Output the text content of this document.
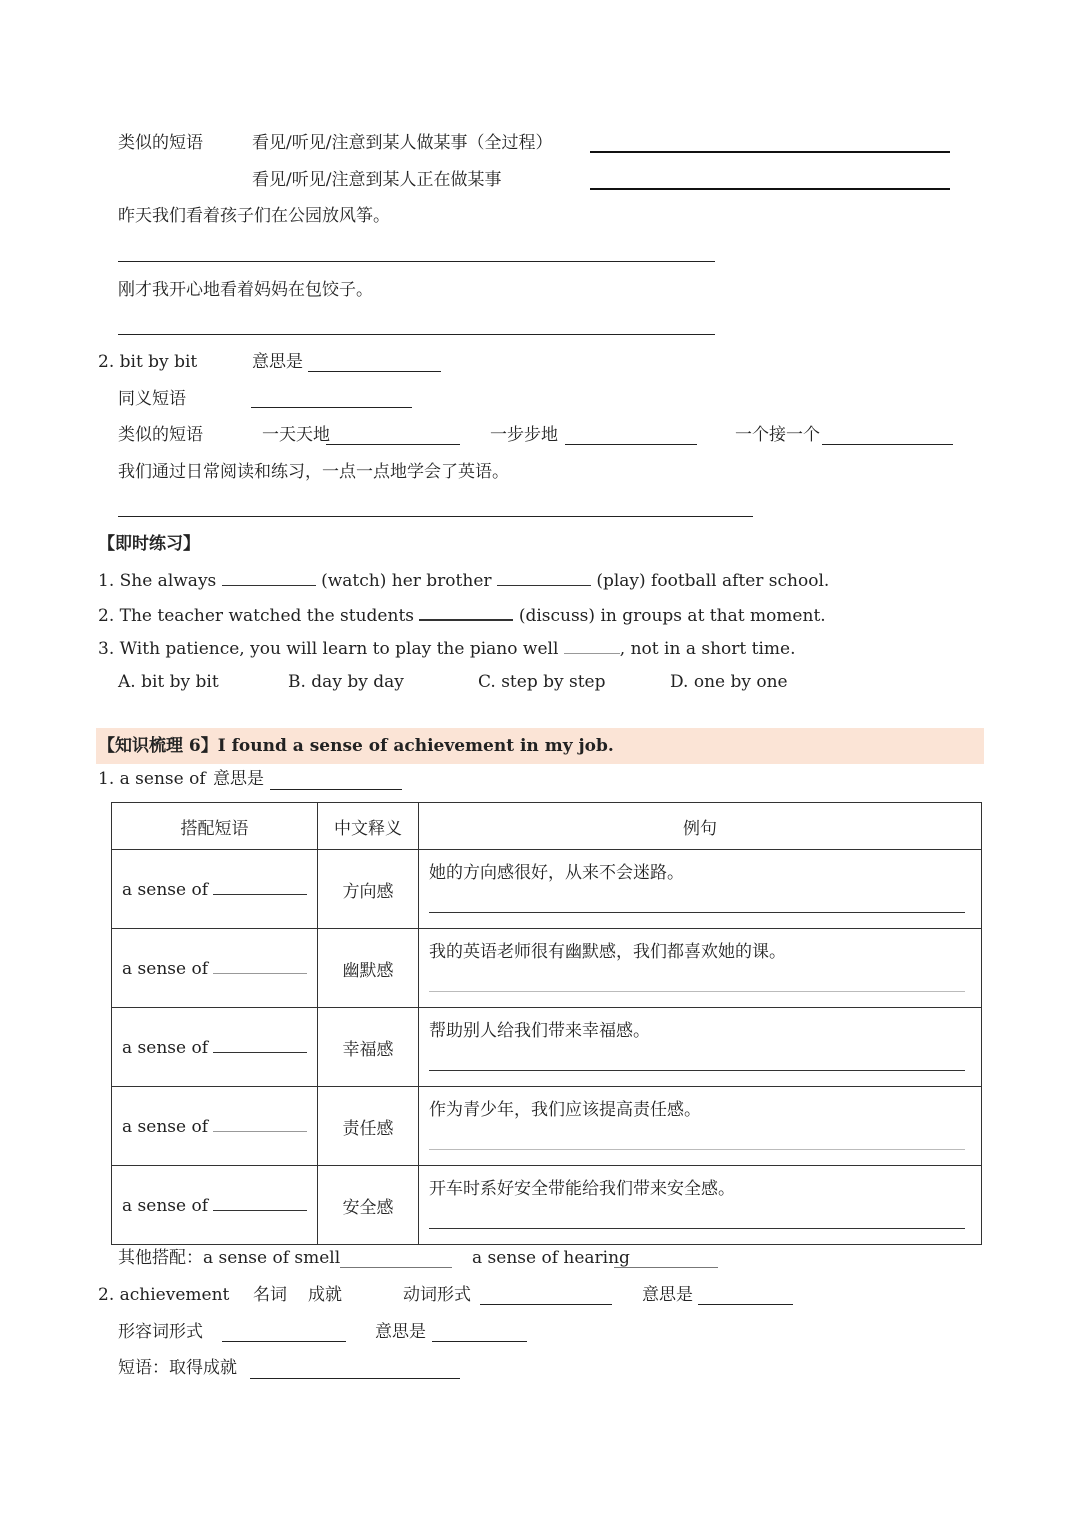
类似的短语	看见/听见/注意到某人做某事（全过程）
看见/听见/注意到某人正在做某事
昨天我们看着孩子们在公园放风筝。
刚才我开心地看着妈妈在包饺子。
2. bit by bit	意思是
同义短语
类似的短语	一天天地	一步步地	一个接一个
我们通过日常阅读和练习，一点一点地学会了英语。
【即时练习】
1. She always	(watch) her brother	(play) football after school.
2. The teacher watched the students	(discuss) in groups at that moment.
3. With patience, you will learn to play the piano well	, not in a short time.
A. bit by bit	B. day by day	C. step by step	D. one by one
【知识梳理 6】I found a sense of achievement in my job.
1. a sense of 意思是
搭配短语	中文释义	例句
a sense of	方向感	她的方向感很好，从来不会迷路。

a sense of	幽默感	我的英语老师很有幽默感，我们都喜欢她的课。

a sense of	幸福感	帮助别人给我们带来幸福感。

a sense of	责任感	作为青少年，我们应该提高责任感。

a sense of	安全感	开车时系好安全带能给我们带来安全感。
其他搭配：a sense of smell	a sense of hearing
2. achievement 名词 成就	动词形式	意思是
形容词形式	意思是
短语：取得成就
